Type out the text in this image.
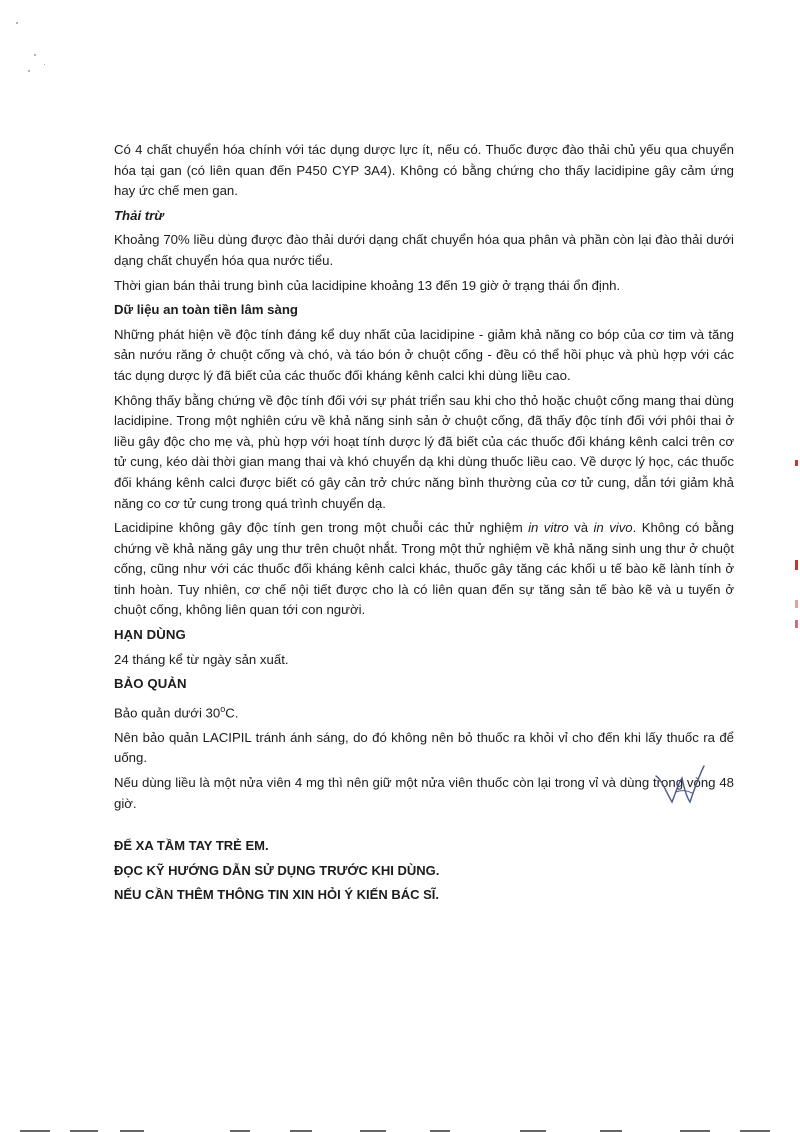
Có 4 chất chuyển hóa chính với tác dụng dược lực ít, nếu có. Thuốc được đào thải chủ yếu qua chuyển hóa tại gan (có liên quan đến P450 CYP 3A4). Không có bằng chứng cho thấy lacidipine gây cảm ứng hay ức chế men gan.

Thải trừ

Khoảng 70% liều dùng được đào thải dưới dạng chất chuyển hóa qua phân và phần còn lại đào thải dưới dạng chất chuyển hóa qua nước tiểu.

Thời gian bán thải trung bình của lacidipine khoảng 13 đến 19 giờ ở trạng thái ổn định.

Dữ liệu an toàn tiền lâm sàng

Những phát hiện về độc tính đáng kể duy nhất của lacidipine - giảm khả năng co bóp của cơ tim và tăng sản nướu răng ở chuột cống và chó, và táo bón ở chuột cống - đều có thể hồi phục và phù hợp với các tác dụng dược lý đã biết của các thuốc đối kháng kênh calci khi dùng liều cao.

Không thấy bằng chứng về độc tính đối với sự phát triển sau khi cho thỏ hoặc chuột cống mang thai dùng lacidipine. Trong một nghiên cứu về khả năng sinh sản ở chuột cống, đã thấy độc tính đối với phôi thai ở liều gây độc cho mẹ và, phù hợp với hoạt tính dược lý đã biết của các thuốc đối kháng kênh calci trên cơ tử cung, kéo dài thời gian mang thai và khó chuyển dạ khi dùng thuốc liều cao. Về dược lý học, các thuốc đối kháng kênh calci được biết có gây cản trở chức năng bình thường của cơ tử cung, dẫn tới giảm khả năng co cơ tử cung trong quá trình chuyển dạ.

Lacidipine không gây độc tính gen trong một chuỗi các thử nghiệm in vitro và in vivo. Không có bằng chứng về khả năng gây ung thư trên chuột nhắt. Trong một thử nghiệm về khả năng sinh ung thư ở chuột cống, cũng như với các thuốc đối kháng kênh calci khác, thuốc gây tăng các khối u tế bào kẽ lành tính ở tinh hoàn. Tuy nhiên, cơ chế nội tiết được cho là có liên quan đến sự tăng sản tế bào kẽ và u tuyến ở chuột cống, không liên quan tới con người.

HẠN DÙNG

24 tháng kể từ ngày sản xuất.

BẢO QUẢN

Bảo quản dưới 30$^o$C.

Nên bảo quản LACIPIL tránh ánh sáng, do đó không nên bỏ thuốc ra khỏi vỉ cho đến khi lấy thuốc ra để uống.

Nếu dùng liều là một nửa viên 4 mg thì nên giữ một nửa viên thuốc còn lại trong vỉ và dùng trong vòng 48 giờ.

ĐỂ XA TẦM TAY TRẺ EM.

ĐỌC KỸ HƯỚNG DẪN SỬ DỤNG TRƯỚC KHI DÙNG.

NẾU CẦN THÊM THÔNG TIN XIN HỎI Ý KIẾN BÁC SĨ.
